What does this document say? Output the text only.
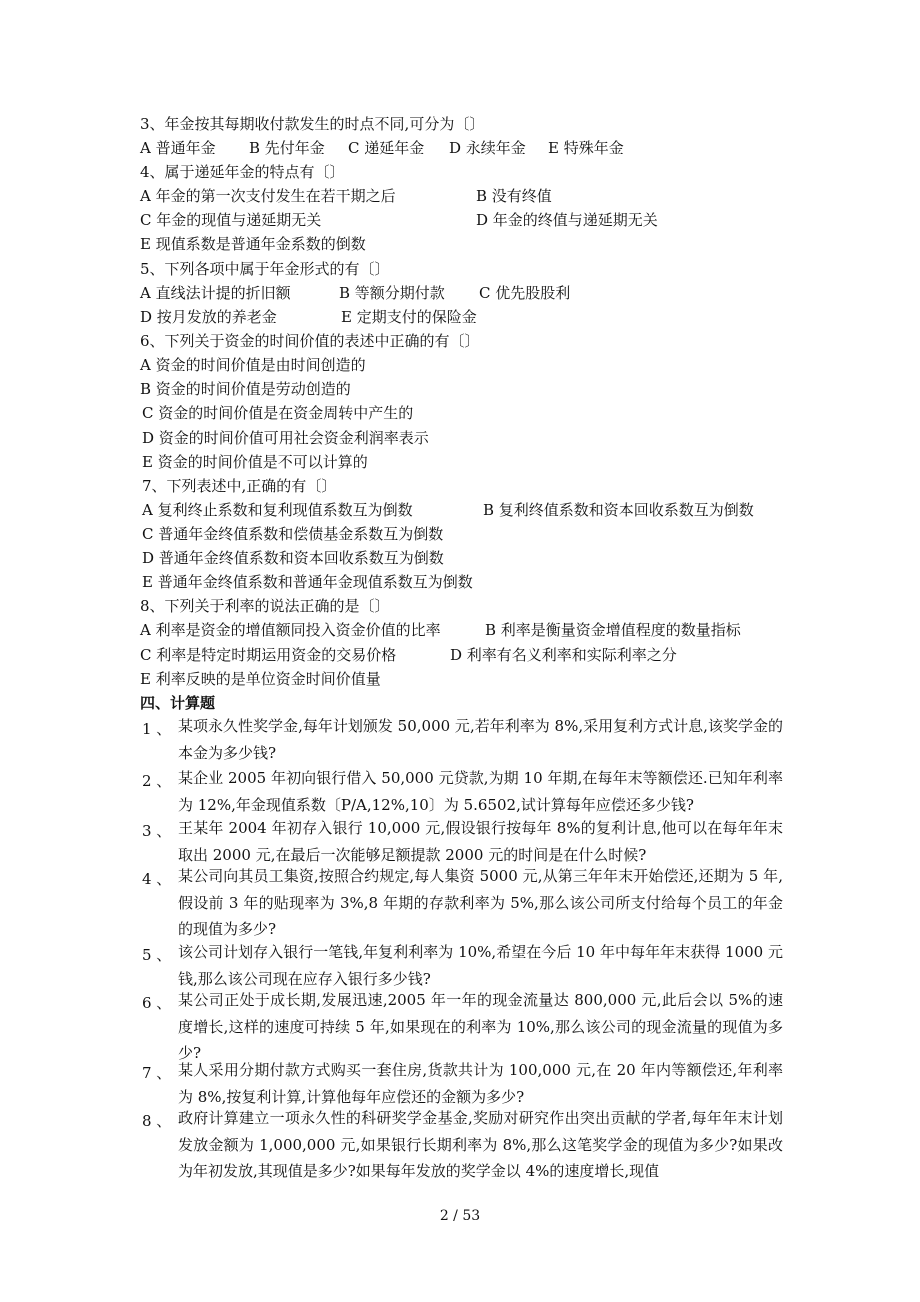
3、年金按其每期收付款发生的时点不同,可分为〔〕
A 普通年金 B 先付年金 C 递延年金 D 永续年金 E 特殊年金
4、属于递延年金的特点有〔〕
A 年金的第一次支付发生在若干期之后	B 没有终值
C 年金的现值与递延期无关	D 年金的终值与递延期无关
E 现值系数是普通年金系数的倒数
5、下列各项中属于年金形式的有〔〕
A 直线法计提的折旧额	B 等额分期付款 C 优先股股利
D 按月发放的养老金	E 定期支付的保险金
6、下列关于资金的时间价值的表述中正确的有〔〕
A 资金的时间价值是由时间创造的
B 资金的时间价值是劳动创造的
C 资金的时间价值是在资金周转中产生的
D 资金的时间价值可用社会资金利润率表示
E 资金的时间价值是不可以计算的
7、下列表述中,正确的有〔〕
A 复利终止系数和复利现值系数互为倒数	B 复利终值系数和资本回收系数互为倒数
C 普通年金终值系数和偿债基金系数互为倒数
D 普通年金终值系数和资本回收系数互为倒数
E 普通年金终值系数和普通年金现值系数互为倒数
8、下列关于利率的说法正确的是〔〕
A 利率是资金的增值额同投入资金价值的比率	B 利率是衡量资金增值程度的数量指标
C 利率是特定时期运用资金的交易价格	D 利率有名义利率和实际利率之分
E 利率反映的是单位资金时间价值量
四、计算题
1 、 某项永久性奖学金,每年计划颁发 50,000 元,若年利率为 8%,采用复利方式计息,该奖学金的本金为多少钱?
2 、 某企业 2005 年初向银行借入 50,000 元贷款,为期 10 年期,在每年末等额偿还.已知年利率为 12%,年金现值系数〔P/A,12%,10〕为 5.6502,试计算每年应偿还多少钱?
3 、 王某年 2004 年初存入银行 10,000 元,假设银行按每年 8%的复利计息,他可以在每年年末取出 2000 元,在最后一次能够足额提款 2000 元的时间是在什么时候?
4 、 某公司向其员工集资,按照合约规定,每人集资 5000 元,从第三年年末开始偿还,还期为 5 年,假设前 3 年的贴现率为 3%,8 年期的存款利率为 5%,那么该公司所支付给每个员工的年金的现值为多少?
5 、 该公司计划存入银行一笔钱,年复利利率为 10%,希望在今后 10 年中每年年末获得 1000 元钱,那么该公司现在应存入银行多少钱?
6 、 某公司正处于成长期,发展迅速,2005 年一年的现金流量达 800,000 元,此后会以 5%的速度增长,这样的速度可持续 5 年,如果现在的利率为 10%,那么该公司的现金流量的现值为多少?
7 、 某人采用分期付款方式购买一套住房,货款共计为 100,000 元,在 20 年内等额偿还,年利率为 8%,按复利计算,计算他每年应偿还的金额为多少?
8 、 政府计算建立一项永久性的科研奖学金基金,奖励对研究作出突出贡献的学者,每年年末计划发放金额为 1,000,000 元,如果银行长期利率为 8%,那么这笔奖学金的现值为多少?如果改为年初发放,其现值是多少?如果每年发放的奖学金以 4%的速度增长,现值
2 / 53
